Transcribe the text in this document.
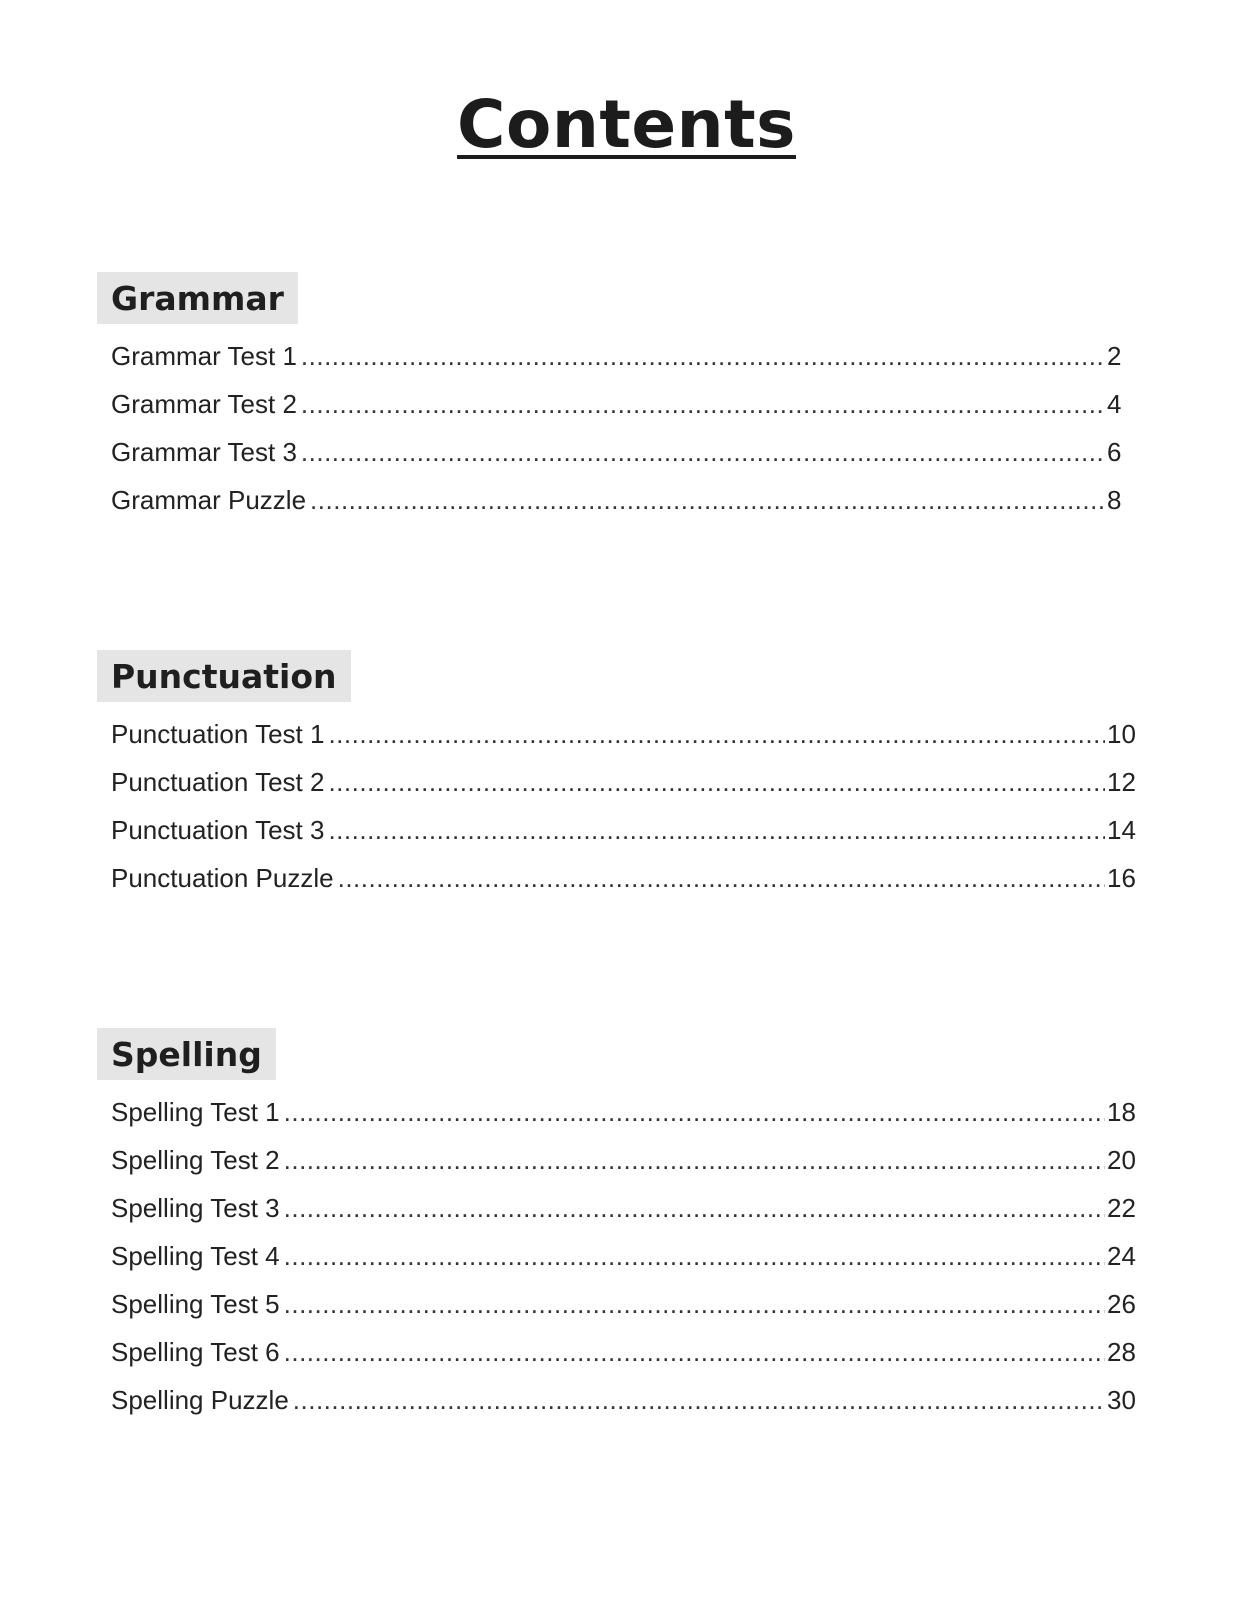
Contents
Grammar
Grammar Test 1 .....	2
Grammar Test 2 .....	4
Grammar Test 3 .....	6
Grammar Puzzle .....	8
Punctuation
Punctuation Test 1 .....	10
Punctuation Test 2 .....	12
Punctuation Test 3 .....	14
Punctuation Puzzle .....	16
Spelling
Spelling Test 1 .....	18
Spelling Test 2 .....	20
Spelling Test 3 .....	22
Spelling Test 4 .....	24
Spelling Test 5 .....	26
Spelling Test 6 .....	28
Spelling Puzzle .....	30
